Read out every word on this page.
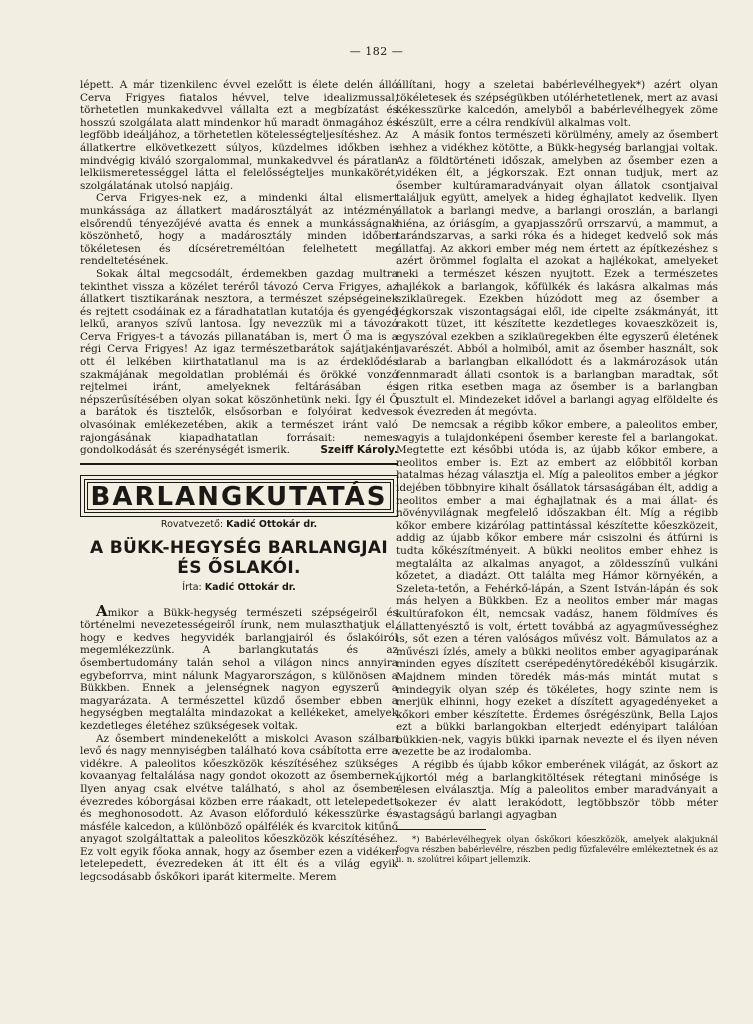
— 182 —

lépett. A már tizenkilenc évvel ezelőtt is élete delén álló Cerva Frigyes fiatalos hévvel, telve idealizmussal, törhetetlen munkakedvvel vállalta ezt a megbízatást és hosszú szolgálata alatt mindenkor hű maradt önmagához és legföbb ideáljához, a törhetetlen kötelességteljesítéshez. Az állatkertre elkövetkezett súlyos, küzdelmes időkben is mindvégig kiváló szorgalommal, munkakedvvel és páratlan lelkiismeretességgel látta el felelősségteljes munkakörét, szolgálatának utolsó napjáig.

Cerva Frigyes-nek ez, a mindenki által elismert munkássága az állatkert madárosztályát az intézmény elsőrendű tényezőjévé avatta és ennek a munkásságnak köszönhető, hogy a madárosztály minden időben tökéletesen és dícséretreméltóan felelhetett meg rendeltetésének.

Sokak által megcsodált, érdemekben gazdag multra tekinthet vissza a közélet teréről távozó Cerva Frigyes, az állatkert tisztikarának nesztora, a természet szépségeinek és rejtett csodáinak ez a fáradhatatlan kutatója és gyengéd lelkű, aranyos szívű lantosa. Így nevezzük mi a távozó Cerva Frigyes-t a távozás pillanatában is, mert Ő ma is a régi Cerva Frigyes! Az igaz természetbarátok sajátjaként ott él lelkében kiirthatatlanul ma is az érdeklődés szakmájának megoldatlan problémái és örökké vonzó rejtelmei iránt, amelyeknek feltárásában és népszerűsítésében olyan sokat köszönhetünk neki. Így él Ő a barátok és tisztelők, elsősorban e folyóirat kedves olvasóinak emlékezetében, akik a természet iránt való rajongásának kiapadhatatlan forrásait: nemes gondolkodását és szerénységét ismerik.	Szeiff Károly.

BARLANGKUTATÁS
Rovatvezető: Kadić Ottokár dr.
A BÜKK-HEGYSÉG BARLANGJAI ÉS ŐSLAKÓI.
Írta: Kadić Ottokár dr.

Amikor a Bükk-hegység természeti szépségeiről és történelmi nevezetességeiről írunk, nem mulaszthatjuk el, hogy e kedves hegyvidék barlangjairól és őslakóiról megemlékezzünk. A barlangkutatás és az ősembertudomány talán sehol a világon nincs annyira egybeforrva, mint nálunk Magyarországon, s különösen a Bükkben. Ennek a jelenségnek nagyon egyszerű a magyarázata. A természettel küzdő ősember ebben a hegységben megtalálta mindazokat a kellékeket, amelyek kezdetleges életéhez szükségesek voltak.

Az ősembert mindenekelőtt a miskolci Avason szálban levő és nagy mennyiségben található kova csábította erre a vidékre. A paleolitos kőeszközök készítéséhez szükséges kovaanyag feltalálása nagy gondot okozott az ősembernek. Ilyen anyag csak elvétve található, s ahol az ősember évezredes kóborgásai közben erre ráakadt, ott letelepedett és meghonosodott. Az Avason előforduló kékesszürke és másféle kalcedon, a különböző opálfélék és kvarcitok kitűnő anyagot szolgáltattak a paleolitos kőeszközök készítéséhez. Ez volt egyik főoka annak, hogy az ősember ezen a vidéken letelepedett, évezredeken át itt élt és a világ egyik legcsodásabb őskőkori iparát kitermelte. Merem

állítani, hogy a szeletai babérlevélhegyek*) azért olyan tökéletesek és szépségükben utólérhetetlenek, mert az avasi kékesszürke kalcedón, amelyből a babérlevélhegyek zöme készült, erre a célra rendkívül alkalmas volt.

A másik fontos természeti körülmény, amely az ősembert ehhez a vidékhez kötötte, a Bükk-hegység barlangjai voltak. Az a földtörténeti időszak, amelyben az ősember ezen a vidéken élt, a jégkorszak. Ezt onnan tudjuk, mert az ősember kultúramaradványait olyan állatok csontjaival találjuk együtt, amelyek a hideg éghajlatot kedvelik. Ilyen állatok a barlangi medve, a barlangi oroszlán, a barlangi hiéna, az óriásgím, a gyapjasszőrű orrszarvú, a mammut, a tarándszarvas, a sarki róka és a hideget kedvelő sok más állatfaj. Az akkori ember még nem értett az építkezéshez s azért örömmel foglalta el azokat a hajlékokat, amelyeket neki a természet készen nyujtott. Ezek a természetes hajlékok a barlangok, kőfülkék és lakásra alkalmas más sziklaüregek. Ezekben húzódott meg az ősember a jégkorszak viszontagságai elől, ide cipelte zsákmányát, itt rakott tüzet, itt készítette kezdetleges kovaeszközeit is, egyszóval ezekben a sziklaüregekben élte egyszerű életének javarészét. Abból a holmiból, amit az ősember használt, sok darab a barlangban elkallódott és a lakmározások után fennmaradt állati csontok is a barlangban maradtak, sőt igen ritka esetben maga az ősember is a barlangban pusztult el. Mindezeket idővel a barlangi agyag elföldelte és sok évezreden át megóvta.

De nemcsak a régibb kőkor embere, a paleolitos ember, vagyis a tulajdonképeni ősember kereste fel a barlangokat. Megtette ezt későbbi utóda is, az újabb kőkor embere, a neolitos ember is. Ezt az embert az előbbitől korban hatalmas hézag választja el. Míg a paleolitos ember a jégkor idejében többnyire kihalt ősállatok társaságában élt, addig a neolitos ember a mai éghajlatnak és a mai állat- és növényvilágnak megfelelő időszakban élt. Míg a régibb kőkor embere kizárólag pattintással készítette kőeszközeit, addig az újabb kőkor embere már csiszolni és átfúrni is tudta kőkészítményeit. A bükki neolitos ember ehhez is megtalálta az alkalmas anyagot, a zöldesszínű vulkáni kőzetet, a diadázt. Ott találta meg Hámor környékén, a Szeleta-tetőn, a Fehérkő-lápán, a Szent István-lápán és sok más helyen a Bükkben. Ez a neolitos ember már magas kultúrafokon élt, nemcsak vadász, hanem földmíves és állattenyésztő is volt, értett továbbá az agyagművességhez is, sőt ezen a téren valóságos művész volt. Bámulatos az a művészi ízlés, amely a bükki neolitos ember agyagiparának minden egyes díszített cserépedénytöredékéből kisugárzik. Majdnem minden töredék más-más mintát mutat s mindegyik olyan szép és tökéletes, hogy szinte nem is merjük elhinni, hogy ezeket a díszített agyagedényeket a kőkori ember készítette. Érdemes ősrégészünk, Bella Lajos ezt a bükki barlangokban elterjedt edényipart találóan bükkien-nek, vagyis bükki iparnak nevezte el és ilyen néven vezette be az irodalomba.

A régibb és újabb kőkor emberének világát, az őskort az újkortól még a barlangkitöltések rétegtani minősége is élesen elválasztja. Míg a paleolitos ember maradványait a sokezer év alatt lerakódott, legtöbbször több méter vastagságú barlangi agyagban

*) Babérlevélhegyek olyan őskőkori kőeszközök, amelyek alakjuknál fogva részben babérlevélre, részben pedig fűzfalevélre emlékeztetnek és az u. n. szolútrei kőipart jellemzik.
